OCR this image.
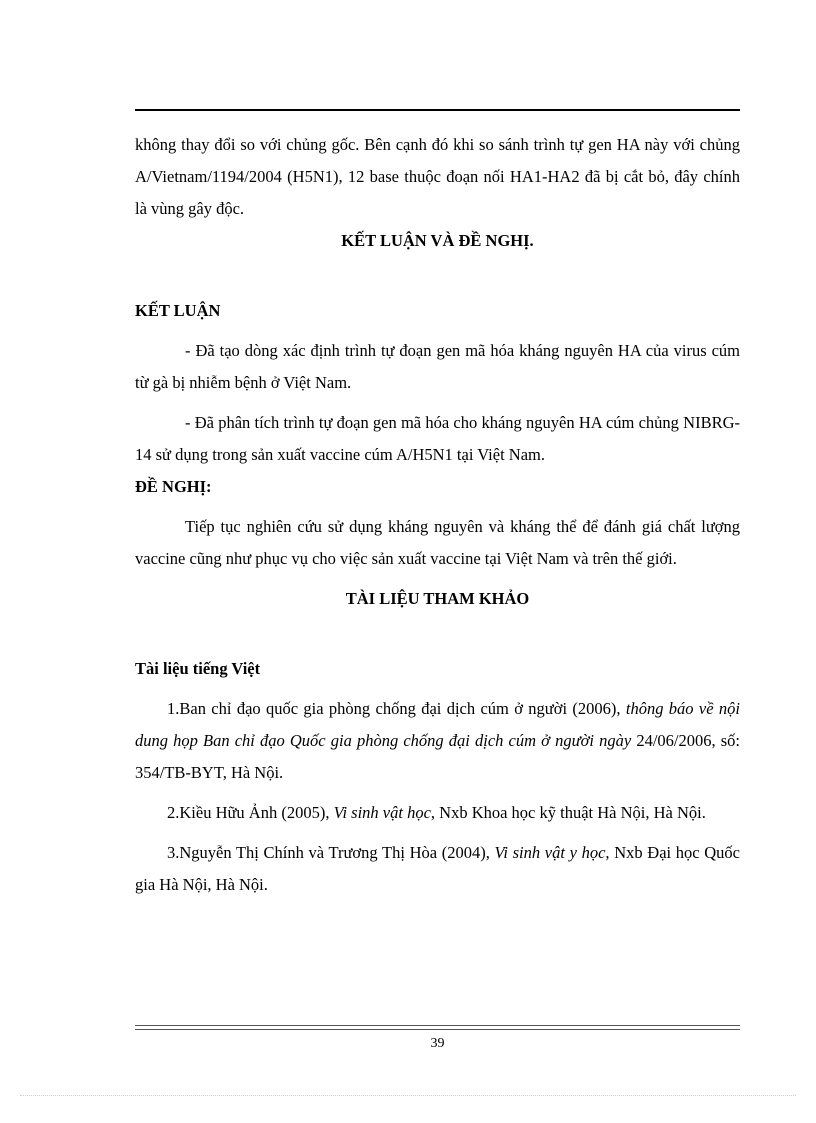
không thay đổi so với chủng gốc. Bên cạnh đó khi so sánh trình tự gen HA này với chủng A/Vietnam/1194/2004 (H5N1), 12 base thuộc đoạn nối HA1-HA2 đã bị cắt bỏ, đây chính là vùng gây độc.

KẾT LUẬN VÀ ĐỀ NGHỊ.

KẾT LUẬN

- Đã tạo dòng xác định trình tự đoạn gen mã hóa kháng nguyên HA của virus cúm từ gà bị nhiễm bệnh ở Việt Nam.

- Đã phân tích trình tự đoạn gen mã hóa cho kháng nguyên HA cúm chủng NIBRG-14 sử dụng trong sản xuất vaccine cúm A/H5N1 tại Việt Nam.

ĐỀ NGHỊ:

Tiếp tục nghiên cứu sử dụng kháng nguyên và kháng thể để đánh giá chất lượng vaccine cũng như phục vụ cho việc sản xuất vaccine tại Việt Nam và trên thế giới.

TÀI LIỆU THAM KHẢO

Tài liệu tiếng Việt

1.Ban chỉ đạo quốc gia phòng chống đại dịch cúm ở người (2006), thông báo về nội dung họp Ban chỉ đạo Quốc gia phòng chống đại dịch cúm ở người ngày 24/06/2006, số: 354/TB-BYT, Hà Nội.

2.Kiều Hữu Ảnh (2005), Vi sinh vật học, Nxb Khoa học kỹ thuật Hà Nội, Hà Nội.

3.Nguyễn Thị Chính và Trương Thị Hòa (2004), Vi sinh vật y học, Nxb Đại học Quốc gia Hà Nội, Hà Nội.

39
